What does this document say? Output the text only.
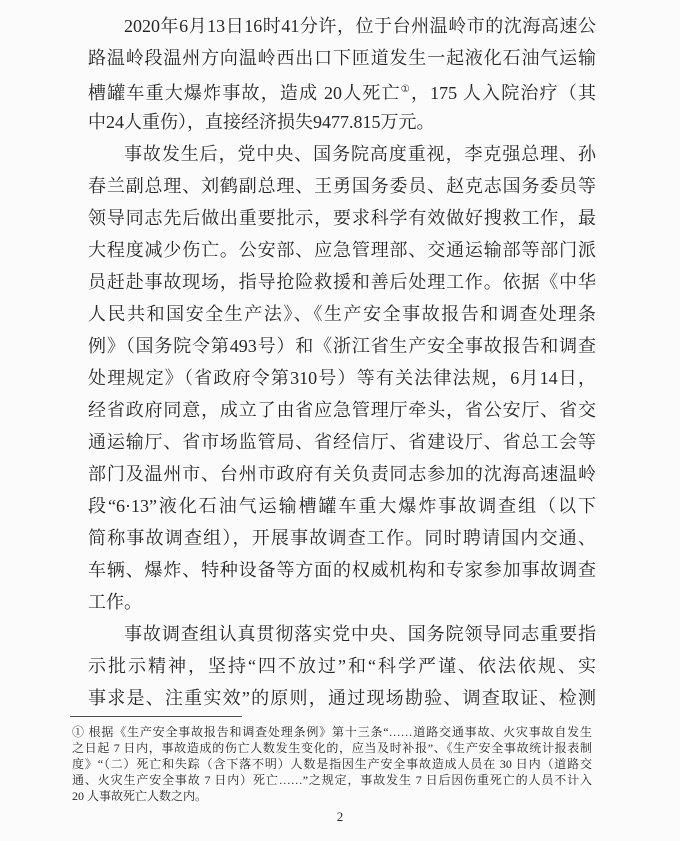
2020年6月13日16时41分许，位于台州温岭市的沈海高速公
路温岭段温州方向温岭西出口下匝道发生一起液化石油气运输
槽罐车重大爆炸事故，造成 20人死亡①，175 人入院治疗（其
中24人重伤），直接经济损失9477.815万元。
事故发生后，党中央、国务院高度重视，李克强总理、孙
春兰副总理、刘鹤副总理、王勇国务委员、赵克志国务委员等
领导同志先后做出重要批示，要求科学有效做好搜救工作，最
大程度减少伤亡。公安部、应急管理部、交通运输部等部门派
员赶赴事故现场，指导抢险救援和善后处理工作。依据《中华
人民共和国安全生产法》、《生产安全事故报告和调查处理条
例》（国务院令第493号）和《浙江省生产安全事故报告和调查
处理规定》（省政府令第310号）等有关法律法规，6月14日，
经省政府同意，成立了由省应急管理厅牵头，省公安厅、省交
通运输厅、省市场监管局、省经信厅、省建设厅、省总工会等
部门及温州市、台州市政府有关负责同志参加的沈海高速温岭
段“6·13”液化石油气运输槽罐车重大爆炸事故调查组（以下
简称事故调查组），开展事故调查工作。同时聘请国内交通、
车辆、爆炸、特种设备等方面的权威机构和专家参加事故调查
工作。
事故调查组认真贯彻落实党中央、国务院领导同志重要指
示批示精神，坚持“四不放过”和“科学严谨、依法依规、实
事求是、注重实效”的原则，通过现场勘验、调查取证、检测
① 根据《生产安全事故报告和调查处理条例》第十三条“……道路交通事故、火灾事故自发生
之日起 7 日内，事故造成的伤亡人数发生变化的，应当及时补报”、《生产安全事故统计报表制
度》“（二）死亡和失踪（含下落不明）人数是指因生产安全事故造成人员在 30 日内（道路交
通、火灾生产安全事故 7 日内）死亡……”之规定，事故发生 7 日后因伤重死亡的人员不计入
20 人事故死亡人数之内。
2
